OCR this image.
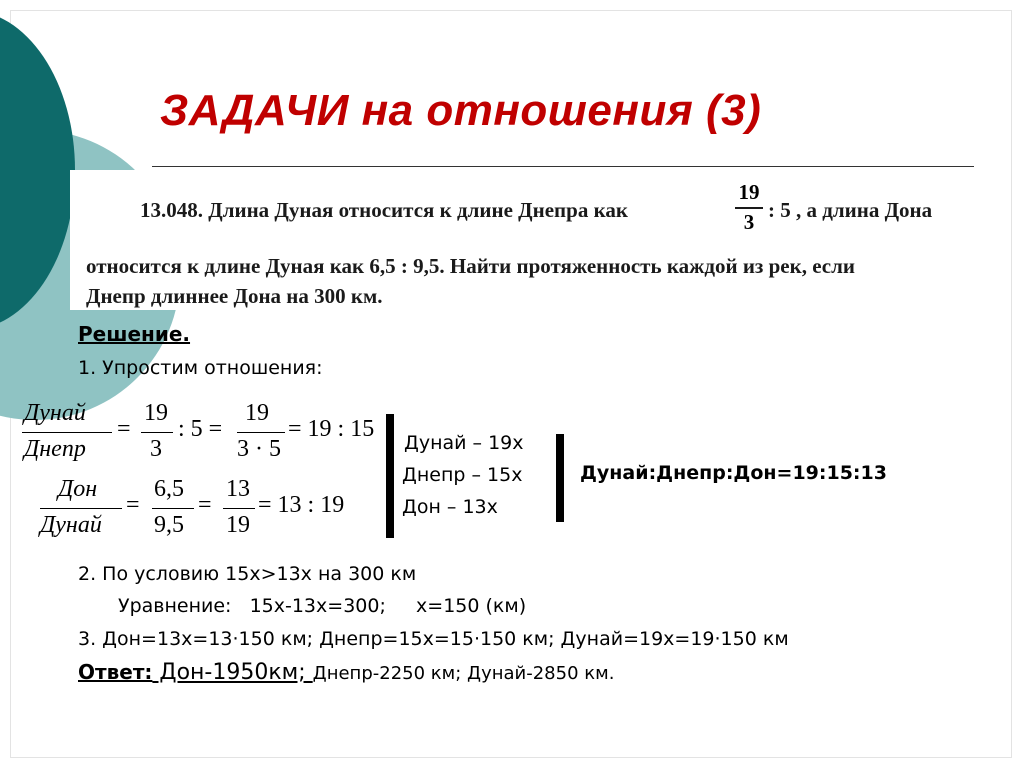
ЗАДАЧИ на отношения (3)
13.048. Длина Дуная относится к длине Днепра как
19
3 : 5 , а длина Дона
относится к длине Дуная как 6,5 : 9,5. Найти протяженность каждой из рек, если
Днепр длиннее Дона на 300 км.
Решение.
1. Упростим отношения:
Дунай
Днепр
=
19
3
: 5 =
19
3 · 5
= 19 : 15
Дон
Дунай
=
6,5
9,5
=
13
19
= 13 : 19
Дунай – 19х
Днепр – 15х
Дон – 13х
Дунай:Днепр:Дон=19:15:13
2. По условию 15х>13х на 300 км
Уравнение:   15х-13х=300;     х=150 (км)
3. Дон=13х=13·150 км; Днепр=15х=15·150 км; Дунай=19х=19·150 км
Ответ: Дон-1950км; Днепр-2250 км; Дунай-2850 км.
